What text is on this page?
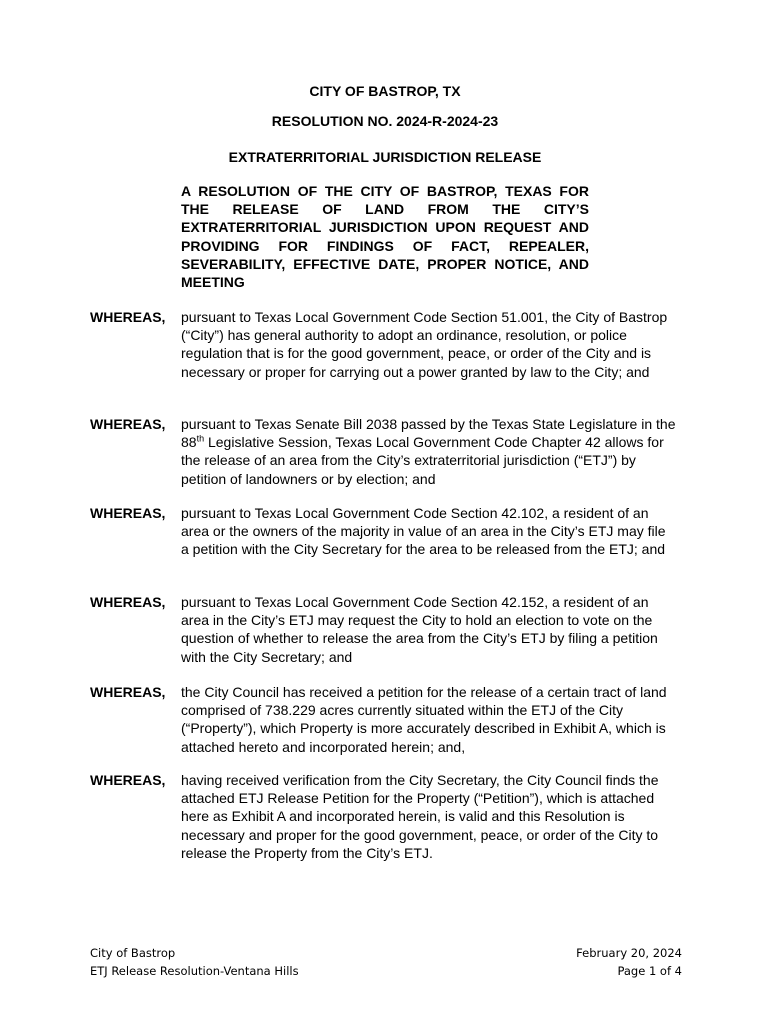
CITY OF BASTROP, TX
RESOLUTION NO. 2024-R-2024-23
EXTRATERRITORIAL JURISDICTION RELEASE
A RESOLUTION OF THE CITY OF BASTROP, TEXAS FOR THE RELEASE OF LAND FROM THE CITY’S EXTRATERRITORIAL JURISDICTION UPON REQUEST AND PROVIDING FOR FINDINGS OF FACT, REPEALER, SEVERABILITY, EFFECTIVE DATE, PROPER NOTICE, AND MEETING
WHEREAS, pursuant to Texas Local Government Code Section 51.001, the City of Bastrop (“City”) has general authority to adopt an ordinance, resolution, or police regulation that is for the good government, peace, or order of the City and is necessary or proper for carrying out a power granted by law to the City; and
WHEREAS, pursuant to Texas Senate Bill 2038 passed by the Texas State Legislature in the 88th Legislative Session, Texas Local Government Code Chapter 42 allows for the release of an area from the City’s extraterritorial jurisdiction (“ETJ”) by petition of landowners or by election; and
WHEREAS, pursuant to Texas Local Government Code Section 42.102, a resident of an area or the owners of the majority in value of an area in the City’s ETJ may file a petition with the City Secretary for the area to be released from the ETJ; and
WHEREAS, pursuant to Texas Local Government Code Section 42.152, a resident of an area in the City’s ETJ may request the City to hold an election to vote on the question of whether to release the area from the City’s ETJ by filing a petition with the City Secretary; and
WHEREAS, the City Council has received a petition for the release of a certain tract of land comprised of 738.229 acres currently situated within the ETJ of the City (“Property”), which Property is more accurately described in Exhibit A, which is attached hereto and incorporated herein; and,
WHEREAS, having received verification from the City Secretary, the City Council finds the attached ETJ Release Petition for the Property (“Petition”), which is attached here as Exhibit A and incorporated herein, is valid and this Resolution is necessary and proper for the good government, peace, or order of the City to release the Property from the City’s ETJ.
City of Bastrop
ETJ Release Resolution-Ventana Hills
February 20, 2024
Page 1 of 4
